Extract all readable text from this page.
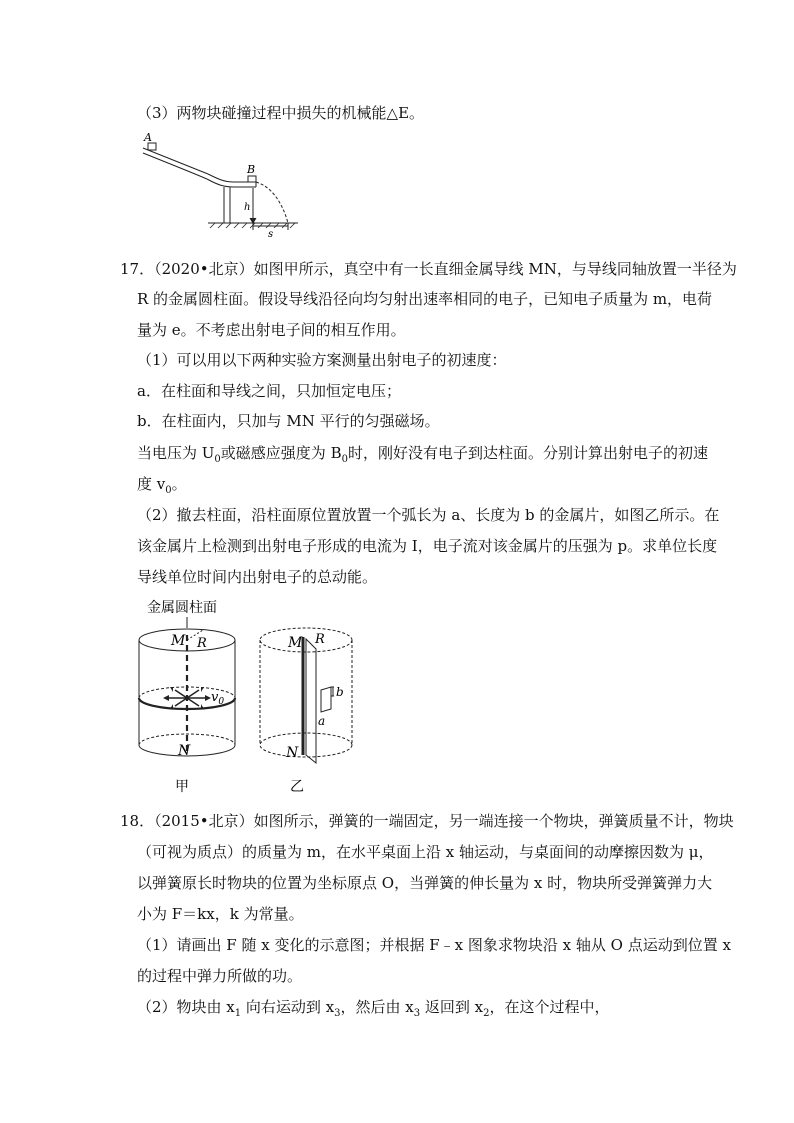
（3）两物块碰撞过程中损失的机械能△E。
A
B
h
s
17．（2020•北京）如图甲所示，真空中有一长直细金属导线 MN，与导线同轴放置一半径为
R 的金属圆柱面。假设导线沿径向均匀射出速率相同的电子，已知电子质量为 m，电荷
量为 e。不考虑出射电子间的相互作用。
（1）可以用以下两种实验方案测量出射电子的初速度：
a．在柱面和导线之间，只加恒定电压；
b．在柱面内，只加与 MN 平行的匀强磁场。
当电压为 $U_0$或磁感应强度为 $B_0$时，刚好没有电子到达柱面。分别计算出射电子的初速
度 $v_0$。
（2）撤去柱面，沿柱面原位置放置一个弧长为 a、长度为 b 的金属片，如图乙所示。在
该金属片上检测到出射电子形成的电流为 I，电子流对该金属片的压强为 p。求单位长度
导线单位时间内出射电子的总动能。
金属圆柱面
M R
$v_0$
N
甲
M R
b
a
N
乙
18．（2015•北京）如图所示，弹簧的一端固定，另一端连接一个物块，弹簧质量不计，物块
（可视为质点）的质量为 m，在水平桌面上沿 x 轴运动，与桌面间的动摩擦因数为 μ，
以弹簧原长时物块的位置为坐标原点 O，当弹簧的伸长量为 x 时，物块所受弹簧弹力大
小为 F＝kx，k 为常量。
（1）请画出 F 随 x 变化的示意图；并根据 F﹣x 图象求物块沿 x 轴从 O 点运动到位置 x
的过程中弹力所做的功。
（2）物块由 $x_1$ 向右运动到 $x_3$，然后由 $x_3$ 返回到 $x_2$，在这个过程中，
